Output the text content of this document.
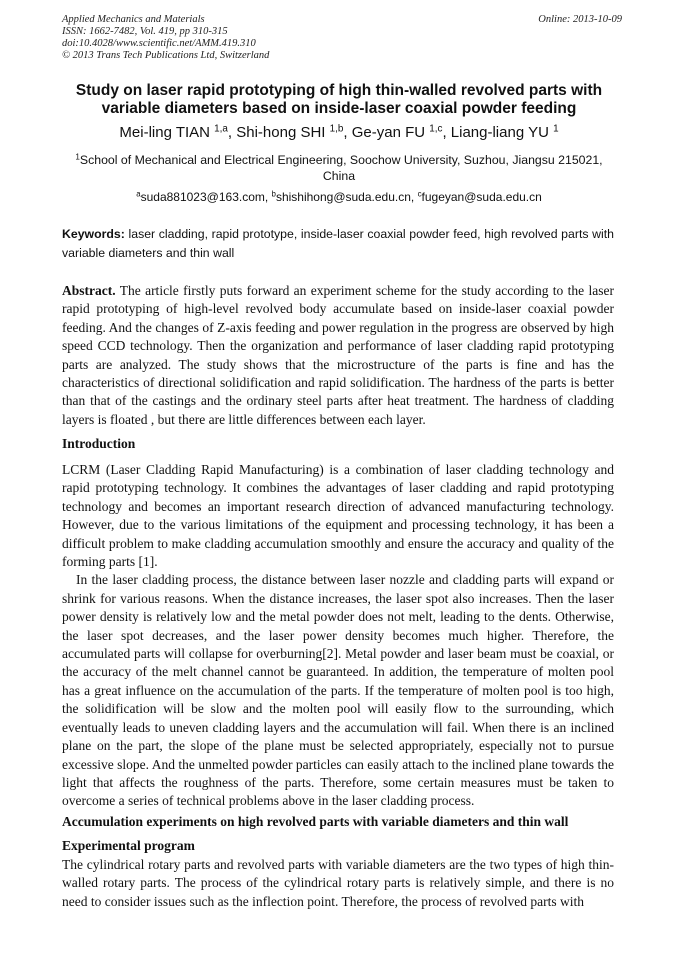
Applied Mechanics and Materials
ISSN: 1662-7482, Vol. 419, pp 310-315
doi:10.4028/www.scientific.net/AMM.419.310
© 2013 Trans Tech Publications Ltd, Switzerland
Online: 2013-10-09
Study on laser rapid prototyping of high thin-walled revolved parts with variable diameters based on inside-laser coaxial powder feeding
Mei-ling TIAN $^{1,a}$, Shi-hong SHI $^{1,b}$, Ge-yan FU $^{1,c}$, Liang-liang YU $^1$
$^1$School of Mechanical and Electrical Engineering, Soochow University, Suzhou, Jiangsu 215021, China
$^a$suda881023@163.com, $^b$shishihong@suda.edu.cn, $^c$fugeyan@suda.edu.cn
Keywords: laser cladding, rapid prototype, inside-laser coaxial powder feed, high revolved parts with variable diameters and thin wall
Abstract. The article firstly puts forward an experiment scheme for the study according to the laser rapid prototyping of high-level revolved body accumulate based on inside-laser coaxial powder feeding. And the changes of Z-axis feeding and power regulation in the progress are observed by high speed CCD technology. Then the organization and performance of laser cladding rapid prototyping parts are analyzed. The study shows that the microstructure of the parts is fine and has the characteristics of directional solidification and rapid solidification. The hardness of the parts is better than that of the castings and the ordinary steel parts after heat treatment. The hardness of cladding layers is floated , but there are little differences between each layer.
Introduction

LCRM (Laser Cladding Rapid Manufacturing) is a combination of laser cladding technology and rapid prototyping technology. It combines the advantages of laser cladding and rapid prototyping technology and becomes an important research direction of advanced manufacturing technology. However, due to the various limitations of the equipment and processing technology, it has been a difficult problem to make cladding accumulation smoothly and ensure the accuracy and quality of the forming parts [1].

In the laser cladding process, the distance between laser nozzle and cladding parts will expand or shrink for various reasons. When the distance increases, the laser spot also increases. Then the laser power density is relatively low and the metal powder does not melt, leading to the dents. Otherwise, the laser spot decreases, and the laser power density becomes much higher. Therefore, the accumulated parts will collapse for overburning[2]. Metal powder and laser beam must be coaxial, or the accuracy of the melt channel cannot be guaranteed. In addition, the temperature of molten pool has a great influence on the accumulation of the parts. If the temperature of molten pool is too high, the solidification will be slow and the molten pool will easily flow to the surrounding, which eventually leads to uneven cladding layers and the accumulation will fail. When there is an inclined plane on the part, the slope of the plane must be selected appropriately, especially not to pursue excessive slope. And the unmelted powder particles can easily attach to the inclined plane towards the light that affects the roughness of the parts. Therefore, some certain measures must be taken to overcome a series of technical problems above in the laser cladding process.

Accumulation experiments on high revolved parts with variable diameters and thin wall
Experimental program
The cylindrical rotary parts and revolved parts with variable diameters are the two types of high thin-walled rotary parts. The process of the cylindrical rotary parts is relatively simple, and there is no need to consider issues such as the inflection point. Therefore, the process of revolved parts with
